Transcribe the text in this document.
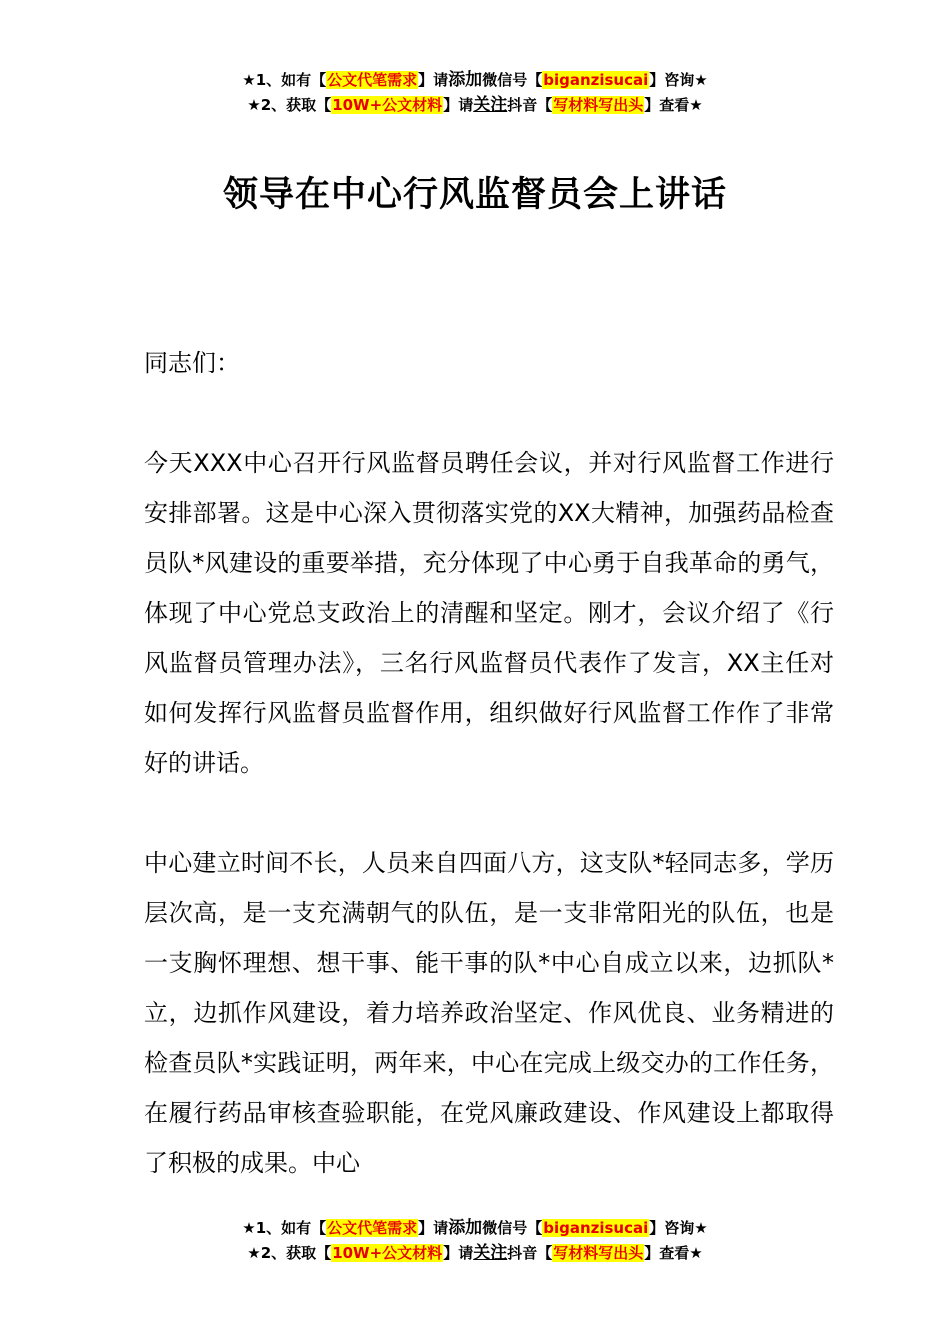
★1、如有【公文代笔需求】请添加微信号【biganzisucai】咨询★
★2、获取【10W+公文材料】请关注抖音【写材料写出头】查看★
领导在中心行风监督员会上讲话

同志们：

今天XXX中心召开行风监督员聘任会议，并对行风监督工作进行安排部署。这是中心深入贯彻落实党的XX大精神，加强药品检查员队*风建设的重要举措，充分体现了中心勇于自我革命的勇气，体现了中心党总支政治上的清醒和坚定。刚才，会议介绍了《行风监督员管理办法》，三名行风监督员代表作了发言，XX主任对如何发挥行风监督员监督作用，组织做好行风监督工作作了非常好的讲话。

中心建立时间不长，人员来自四面八方，这支队*轻同志多，学历层次高，是一支充满朝气的队伍，是一支非常阳光的队伍，也是一支胸怀理想、想干事、能干事的队*中心自成立以来，边抓队*立，边抓作风建设，着力培养政治坚定、作风优良、业务精进的检查员队*实践证明，两年来，中心在完成上级交办的工作任务，在履行药品审核查验职能，在党风廉政建设、作风建设上都取得了积极的成果。中心

★1、如有【公文代笔需求】请添加微信号【biganzisucai】咨询★
★2、获取【10W+公文材料】请关注抖音【写材料写出头】查看★
